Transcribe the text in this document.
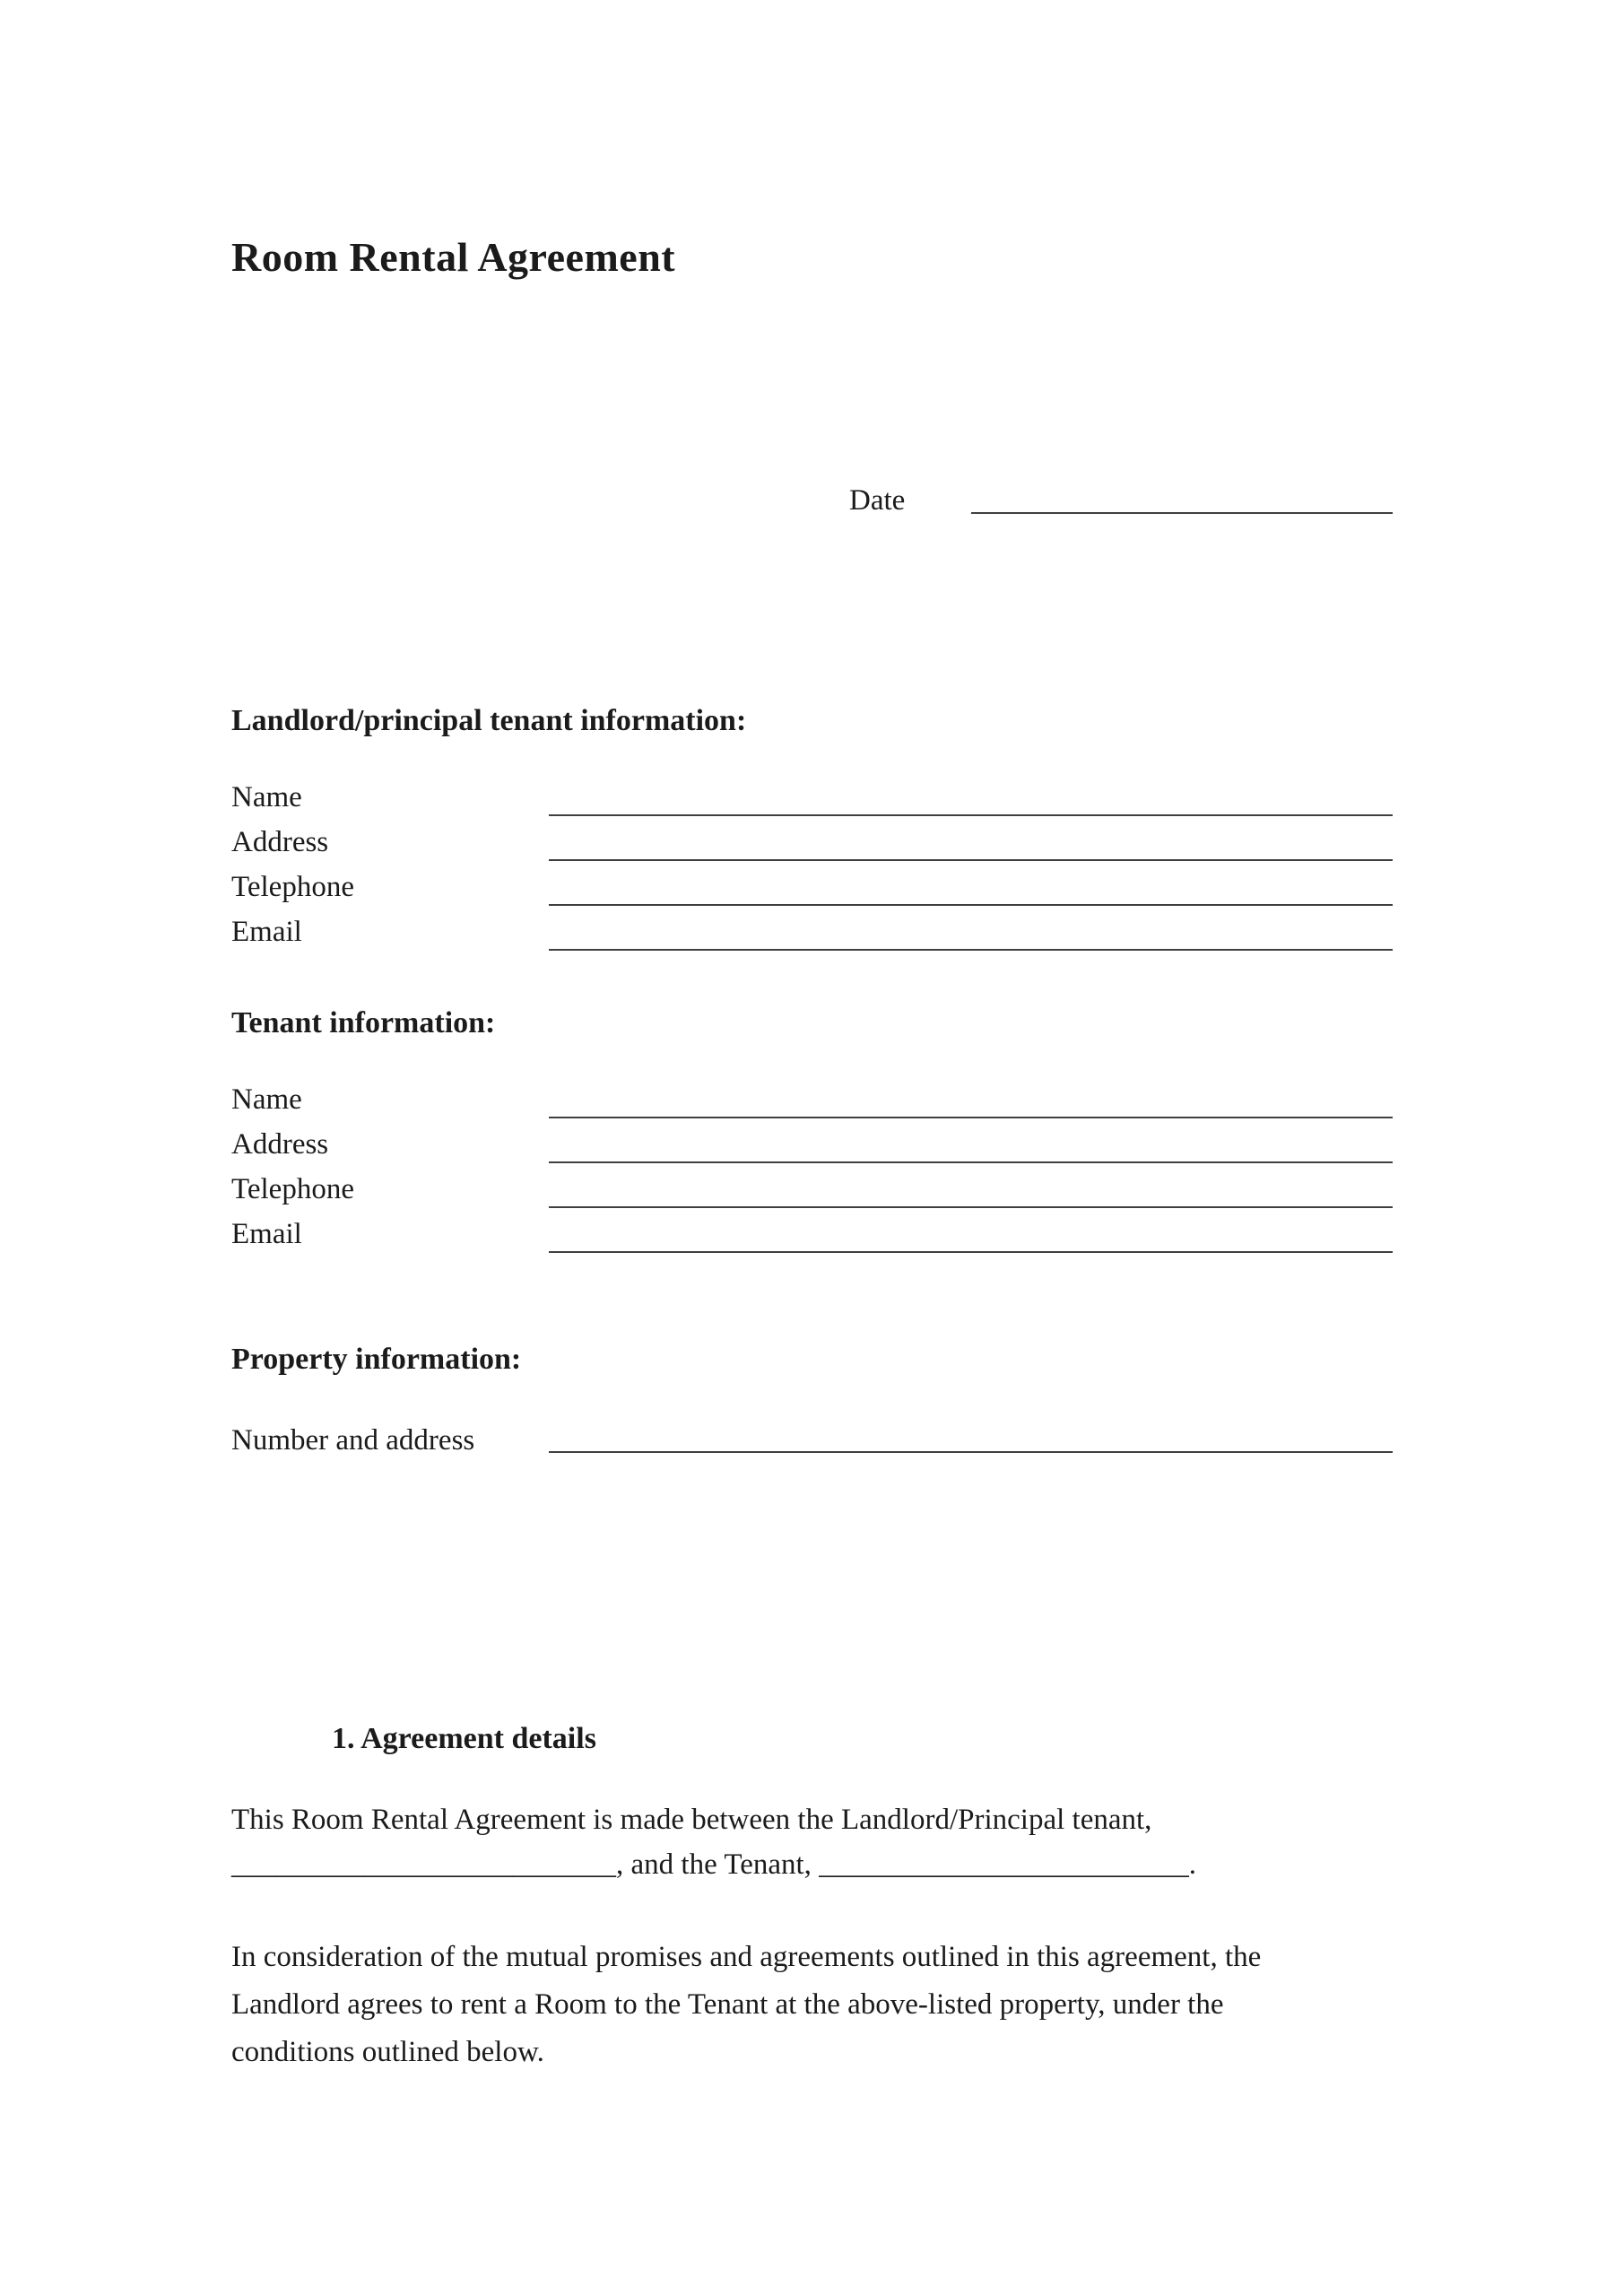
Room Rental Agreement
Date
Landlord/principal tenant information:
Name
Address
Telephone
Email
Tenant information:
Name
Address
Telephone
Email
Property information:
Number and address
1. Agreement details
This Room Rental Agreement is made between the Landlord/Principal tenant,
__________________________, and the Tenant, _________________________.
In consideration of the mutual promises and agreements outlined in this agreement, the
Landlord agrees to rent a Room to the Tenant at the above-listed property, under the
conditions outlined below.
